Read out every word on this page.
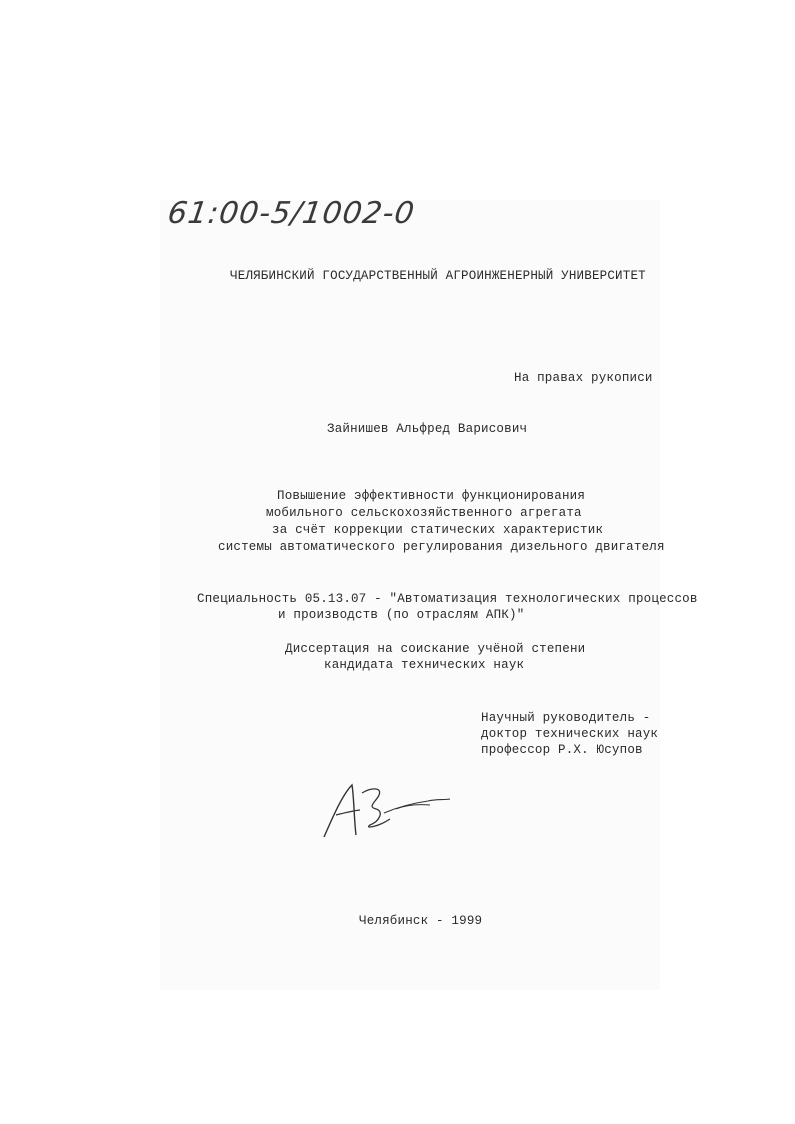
61:00-5/1002-0
ЧЕЛЯБИНСКИЙ ГОСУДАРСТВЕННЫЙ АГРОИНЖЕНЕРНЫЙ УНИВЕРСИТЕТ
На правах рукописи
Зайнишев Альфред Варисович
Повышение эффективности функционирования
мобильного сельскохозяйственного агрегата
за счёт коррекции статических характеристик
системы автоматического регулирования дизельного двигателя
Специальность 05.13.07 - "Автоматизация технологических процессов
и производств (по отраслям АПК)"
Диссертация на соискание учёной степени
кандидата технических наук
Научный руководитель -
доктор технических наук
профессор Р.Х. Юсупов
Челябинск - 1999
